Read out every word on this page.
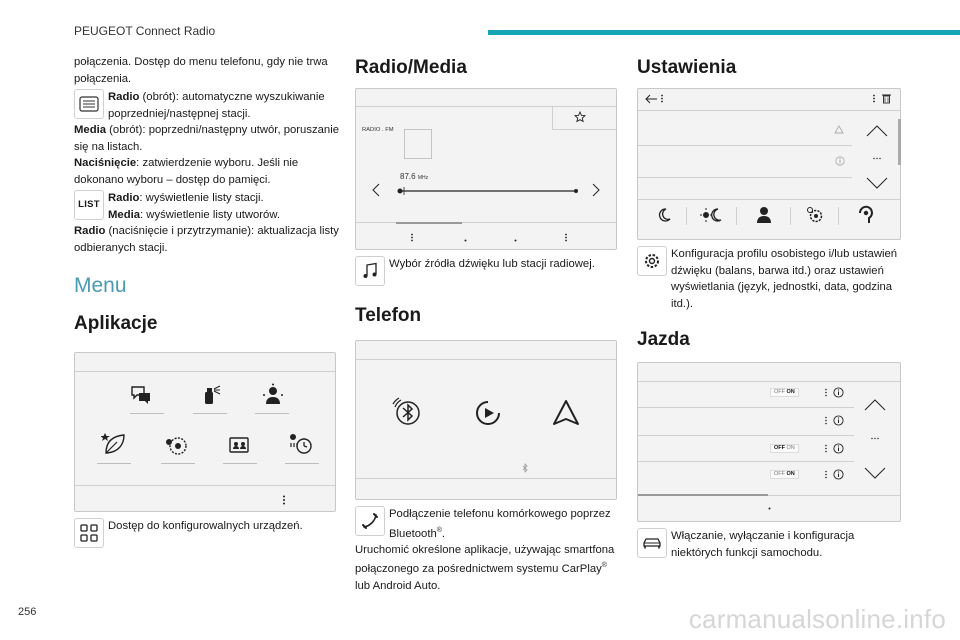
PEUGEOT Connect Radio

połączenia. Dostęp do menu telefonu, gdy nie trwa połączenia.

Radio (obrót): automatyczne wyszukiwanie poprzedniej/następnej stacji.

Media (obrót): poprzedni/następny utwór, poruszanie się na listach.

Naciśnięcie: zatwierdzenie wyboru. Jeśli nie dokonano wyboru – dostęp do pamięci.

LIST
Radio: wyświetlenie listy stacji.
Media: wyświetlenie listy utworów.

Radio (naciśnięcie i przytrzymanie): aktualizacja listy odbieranych stacji.

Menu
Aplikacje
Dostęp do konfigurowalnych urządzeń.
Radio/Media
RADIO . FM
87.6 MHz
Wybór źródła dźwięku lub stacji radiowej.
Telefon
Podłączenie telefonu komórkowego poprzez Bluetooth®.

Uruchomić określone aplikacje, używając smartfona połączonego za pośrednictwem systemu CarPlay® lub Android Auto.

Ustawienia
Konfiguracja profilu osobistego i/lub ustawień dźwięku (balans, barwa itd.) oraz ustawień wyświetlania (język, jednostki, data, godzina itd.).
Jazda
OFF ON
OFF ON
OFF ON
Włączanie, wyłączanie i konfiguracja niektórych funkcji samochodu.
256	carmanualsonline.info
